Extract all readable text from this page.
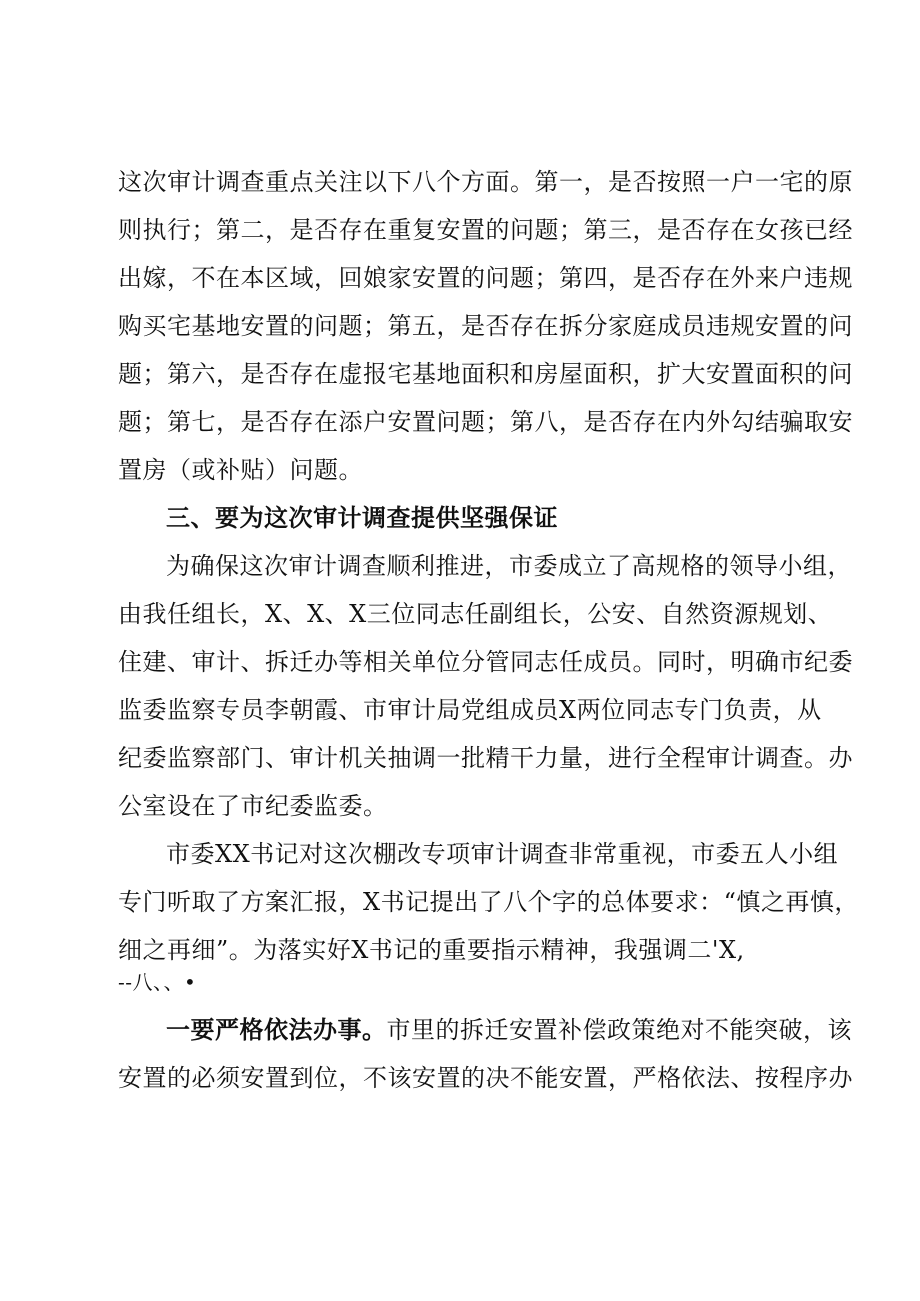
这次审计调查重点关注以下八个方面。第一，是否按照一户一宅的原
则执行；第二，是否存在重复安置的问题；第三，是否存在女孩已经
出嫁，不在本区域，回娘家安置的问题；第四，是否存在外来户违规
购买宅基地安置的问题；第五，是否存在拆分家庭成员违规安置的问
题；第六，是否存在虚报宅基地面积和房屋面积，扩大安置面积的问
题；第七，是否存在添户安置问题；第八，是否存在内外勾结骗取安
置房（或补贴）问题。
三、要为这次审计调查提供坚强保证
为确保这次审计调查顺利推进，市委成立了高规格的领导小组，
由我任组长，X、X、X三位同志任副组长，公安、自然资源规划、
住建、审计、拆迁办等相关单位分管同志任成员。同时，明确市纪委
监委监察专员李朝霞、市审计局党组成员X两位同志专门负责，从
纪委监察部门、审计机关抽调一批精干力量，进行全程审计调查。办
公室设在了市纪委监委。
市委XX书记对这次棚改专项审计调查非常重视，市委五人小组
专门听取了方案汇报，X书记提出了八个字的总体要求：“慎之再慎，
细之再细”。为落实好X书记的重要指示精神，我强调二'X,
--八、、•
一要严格依法办事。市里的拆迁安置补偿政策绝对不能突破，该
安置的必须安置到位，不该安置的决不能安置，严格依法、按程序办
